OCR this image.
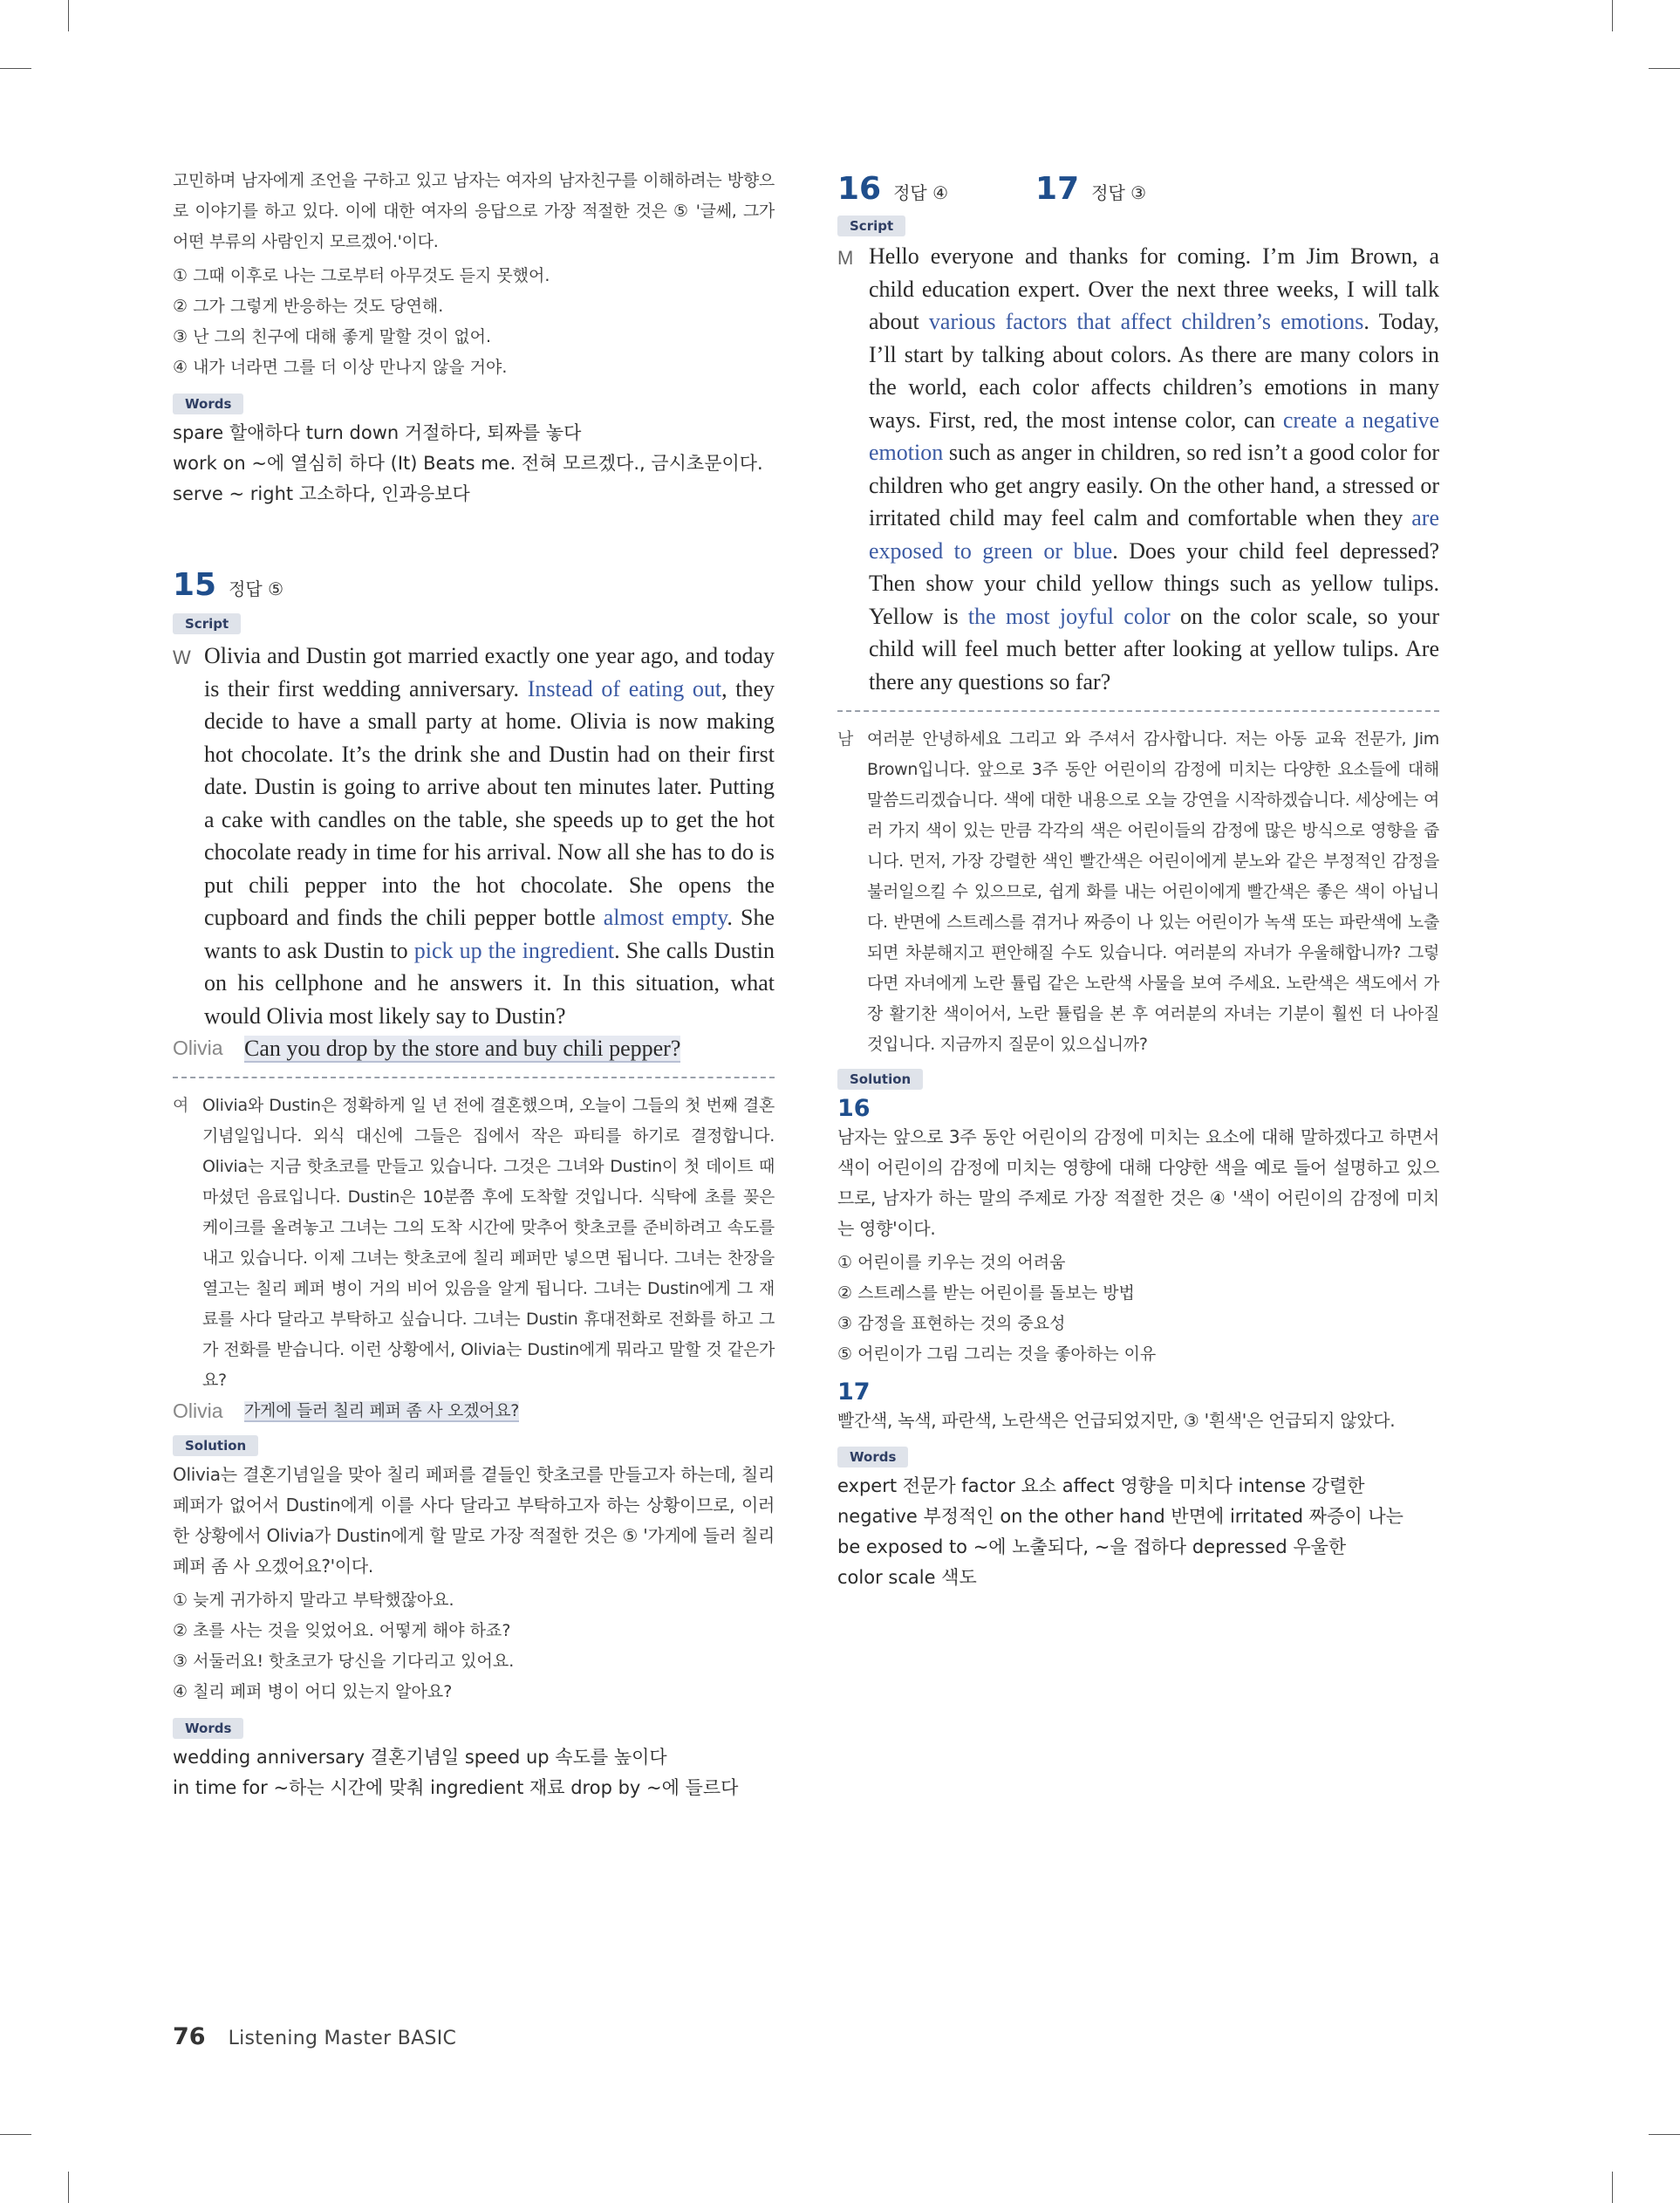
고민하며 남자에게 조언을 구하고 있고 남자는 여자의 남자친구를 이해하려는 방향으로 이야기를 하고 있다. 이에 대한 여자의 응답으로 가장 적절한 것은 ⑤ '글쎄, 그가 어떤 부류의 사람인지 모르겠어.'이다.

① 그때 이후로 나는 그로부터 아무것도 듣지 못했어.

② 그가 그렇게 반응하는 것도 당연해.

③ 난 그의 친구에 대해 좋게 말할 것이 없어.

④ 내가 너라면 그를 더 이상 만나지 않을 거야.

Words

spare 할애하다 turn down 거절하다, 퇴짜를 놓다

work on ~에 열심히 하다 (It) Beats me. 전혀 모르겠다., 금시초문이다.

serve ~ right 고소하다, 인과응보다

15 정답 ⑤
Script
W Olivia and Dustin got married exactly one year ago, and today is their first wedding anniversary. Instead of eating out, they decide to have a small party at home. Olivia is now making hot chocolate. It’s the drink she and Dustin had on their first date. Dustin is going to arrive about ten minutes later. Putting a cake with candles on the table, she speeds up to get the hot chocolate ready in time for his arrival. Now all she has to do is put chili pepper into the hot chocolate. She opens the cupboard and finds the chili pepper bottle almost empty. She wants to ask Dustin to pick up the ingredient. She calls Dustin on his cellphone and he answers it. In this situation, what would Olivia most likely say to Dustin?

Olivia Can you drop by the store and buy chili pepper?
여 Olivia와 Dustin은 정확하게 일 년 전에 결혼했으며, 오늘이 그들의 첫 번째 결혼기념일입니다. 외식 대신에 그들은 집에서 작은 파티를 하기로 결정합니다. Olivia는 지금 핫초코를 만들고 있습니다. 그것은 그녀와 Dustin이 첫 데이트 때 마셨던 음료입니다. Dustin은 10분쯤 후에 도착할 것입니다. 식탁에 초를 꽂은 케이크를 올려놓고 그녀는 그의 도착 시간에 맞추어 핫초코를 준비하려고 속도를 내고 있습니다. 이제 그녀는 핫초코에 칠리 페퍼만 넣으면 됩니다. 그녀는 찬장을 열고는 칠리 페퍼 병이 거의 비어 있음을 알게 됩니다. 그녀는 Dustin에게 그 재료를 사다 달라고 부탁하고 싶습니다. 그녀는 Dustin 휴대전화로 전화를 하고 그가 전화를 받습니다. 이런 상황에서, Olivia는 Dustin에게 뭐라고 말할 것 같은가요?

Olivia	가게에 들러 칠리 페퍼 좀 사 오겠어요?
Solution

Olivia는 결혼기념일을 맞아 칠리 페퍼를 곁들인 핫초코를 만들고자 하는데, 칠리 페퍼가 없어서 Dustin에게 이를 사다 달라고 부탁하고자 하는 상황이므로, 이러한 상황에서 Olivia가 Dustin에게 할 말로 가장 적절한 것은 ⑤ '가게에 들러 칠리 페퍼 좀 사 오겠어요?'이다.

① 늦게 귀가하지 말라고 부탁했잖아요.

② 초를 사는 것을 잊었어요. 어떻게 해야 하죠?

③ 서둘러요! 핫초코가 당신을 기다리고 있어요.

④ 칠리 페퍼 병이 어디 있는지 알아요?

Words

wedding anniversary 결혼기념일 speed up 속도를 높이다

in time for ~하는 시간에 맞춰 ingredient 재료 drop by ~에 들르다

16 정답 ④	17 정답 ③
Script
M Hello everyone and thanks for coming. I’m Jim Brown, a child education expert. Over the next three weeks, I will talk about various factors that affect children’s emotions. Today, I’ll start by talking about colors. As there are many colors in the world, each color affects children’s emotions in many ways. First, red, the most intense color, can create a negative emotion such as anger in children, so red isn’t a good color for children who get angry easily. On the other hand, a stressed or irritated child may feel calm and comfortable when they are exposed to green or blue. Does your child feel depressed? Then show your child yellow things such as yellow tulips. Yellow is the most joyful color on the color scale, so your child will feel much better after looking at yellow tulips. Are there any questions so far?

남 여러분 안녕하세요 그리고 와 주셔서 감사합니다. 저는 아동 교육 전문가, Jim Brown입니다. 앞으로 3주 동안 어린이의 감정에 미치는 다양한 요소들에 대해 말씀드리겠습니다. 색에 대한 내용으로 오늘 강연을 시작하겠습니다. 세상에는 여러 가지 색이 있는 만큼 각각의 색은 어린이들의 감정에 많은 방식으로 영향을 줍니다. 먼저, 가장 강렬한 색인 빨간색은 어린이에게 분노와 같은 부정적인 감정을 불러일으킬 수 있으므로, 쉽게 화를 내는 어린이에게 빨간색은 좋은 색이 아닙니다. 반면에 스트레스를 겪거나 짜증이 나 있는 어린이가 녹색 또는 파란색에 노출되면 차분해지고 편안해질 수도 있습니다. 여러분의 자녀가 우울해합니까? 그렇다면 자녀에게 노란 튤립 같은 노란색 사물을 보여 주세요. 노란색은 색도에서 가장 활기찬 색이어서, 노란 튤립을 본 후 여러분의 자녀는 기분이 훨씬 더 나아질 것입니다. 지금까지 질문이 있으십니까?

Solution

16

남자는 앞으로 3주 동안 어린이의 감정에 미치는 요소에 대해 말하겠다고 하면서 색이 어린이의 감정에 미치는 영향에 대해 다양한 색을 예로 들어 설명하고 있으므로, 남자가 하는 말의 주제로 가장 적절한 것은 ④ '색이 어린이의 감정에 미치는 영향'이다.

① 어린이를 키우는 것의 어려움

② 스트레스를 받는 어린이를 돌보는 방법

③ 감정을 표현하는 것의 중요성

⑤ 어린이가 그림 그리는 것을 좋아하는 이유

17

빨간색, 녹색, 파란색, 노란색은 언급되었지만, ③ '흰색'은 언급되지 않았다.

Words

expert 전문가 factor 요소 affect 영향을 미치다 intense 강렬한

negative 부정적인 on the other hand 반면에 irritated 짜증이 나는

be exposed to ~에 노출되다, ~을 접하다 depressed 우울한

color scale 색도

76 Listening Master BASIC
